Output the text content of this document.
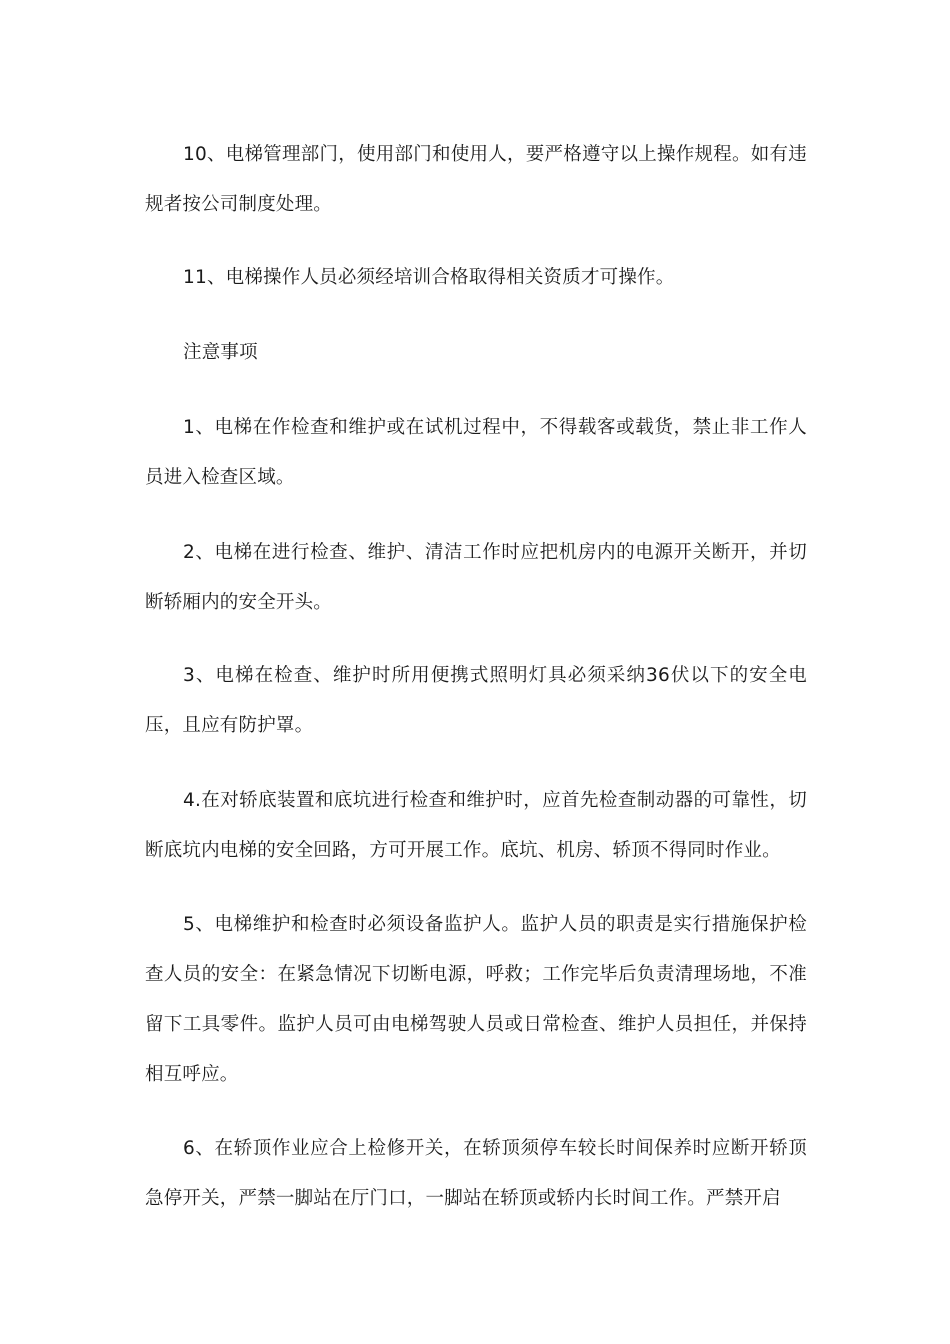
10、电梯管理部门，使用部门和使用人，要严格遵守以上操作规程。如有违规者按公司制度处理。

11、电梯操作人员必须经培训合格取得相关资质才可操作。

注意事项

1、电梯在作检查和维护或在试机过程中，不得载客或载货，禁止非工作人员进入检查区域。

2、电梯在进行检查、维护、清洁工作时应把机房内的电源开关断开，并切断轿厢内的安全开头。

3、电梯在检查、维护时所用便携式照明灯具必须采纳36伏以下的安全电压，且应有防护罩。

4.在对轿底装置和底坑进行检查和维护时，应首先检查制动器的可靠性，切断底坑内电梯的安全回路，方可开展工作。底坑、机房、轿顶不得同时作业。

5、电梯维护和检查时必须设备监护人。监护人员的职责是实行措施保护检查人员的安全：在紧急情况下切断电源，呼救；工作完毕后负责清理场地，不准留下工具零件。监护人员可由电梯驾驶人员或日常检查、维护人员担任，并保持相互呼应。

6、在轿顶作业应合上检修开关，在轿顶须停车较长时间保养时应断开轿顶急停开关，严禁一脚站在厅门口，一脚站在轿顶或轿内长时间工作。严禁开启
